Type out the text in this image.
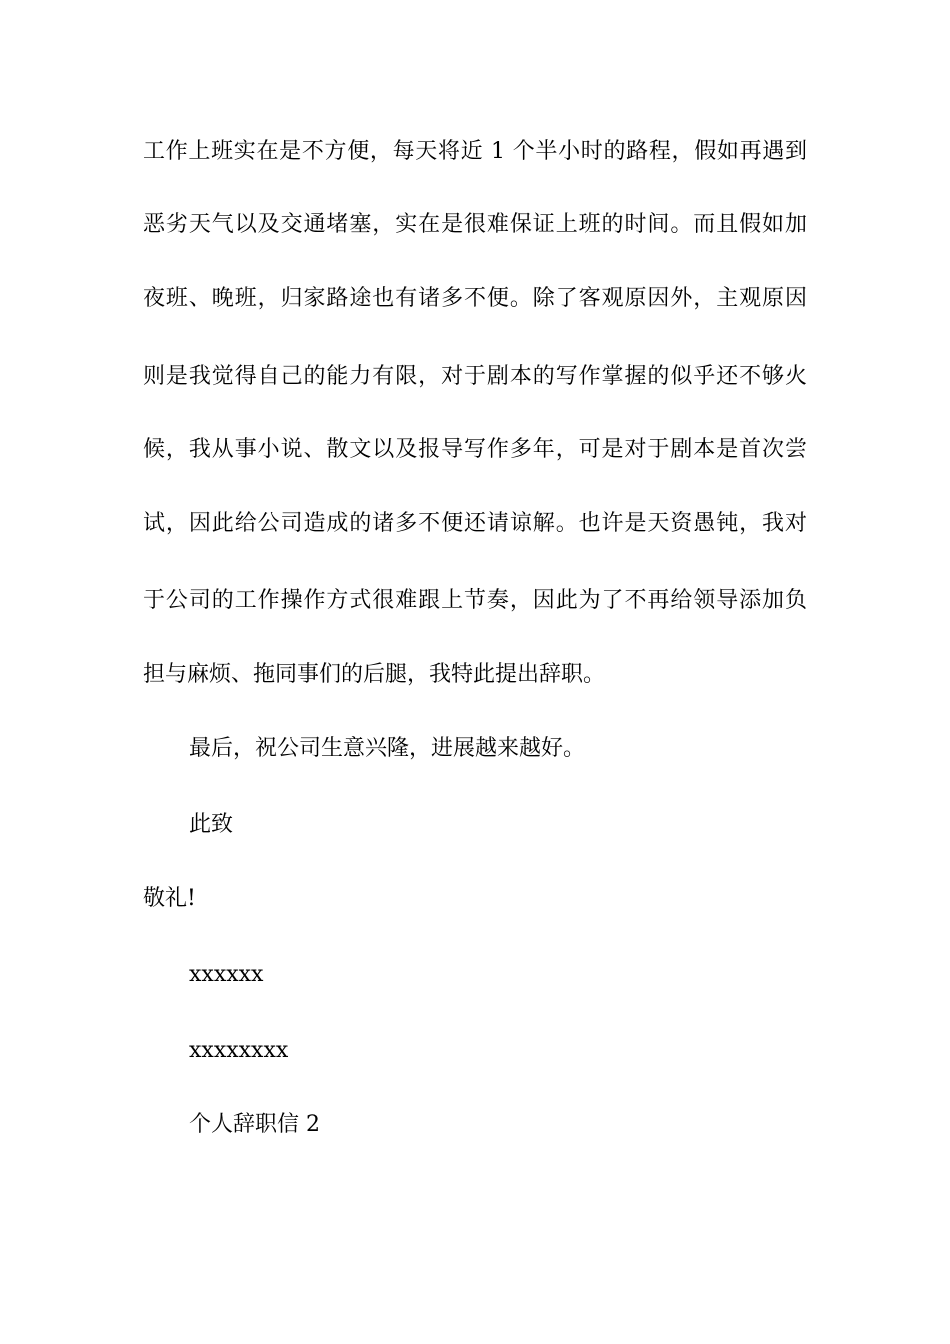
工作上班实在是不方便，每天将近 1 个半小时的路程，假如再遇到
恶劣天气以及交通堵塞，实在是很难保证上班的时间。而且假如加
夜班、晚班，归家路途也有诸多不便。除了客观原因外，主观原因
则是我觉得自己的能力有限，对于剧本的写作掌握的似乎还不够火
候，我从事小说、散文以及报导写作多年，可是对于剧本是首次尝
试，因此给公司造成的诸多不便还请谅解。也许是天资愚钝，我对
于公司的工作操作方式很难跟上节奏，因此为了不再给领导添加负
担与麻烦、拖同事们的后腿，我特此提出辞职。
最后，祝公司生意兴隆，进展越来越好。
此致
敬礼!
xxxxxx
xxxxxxxx
个人辞职信 2
